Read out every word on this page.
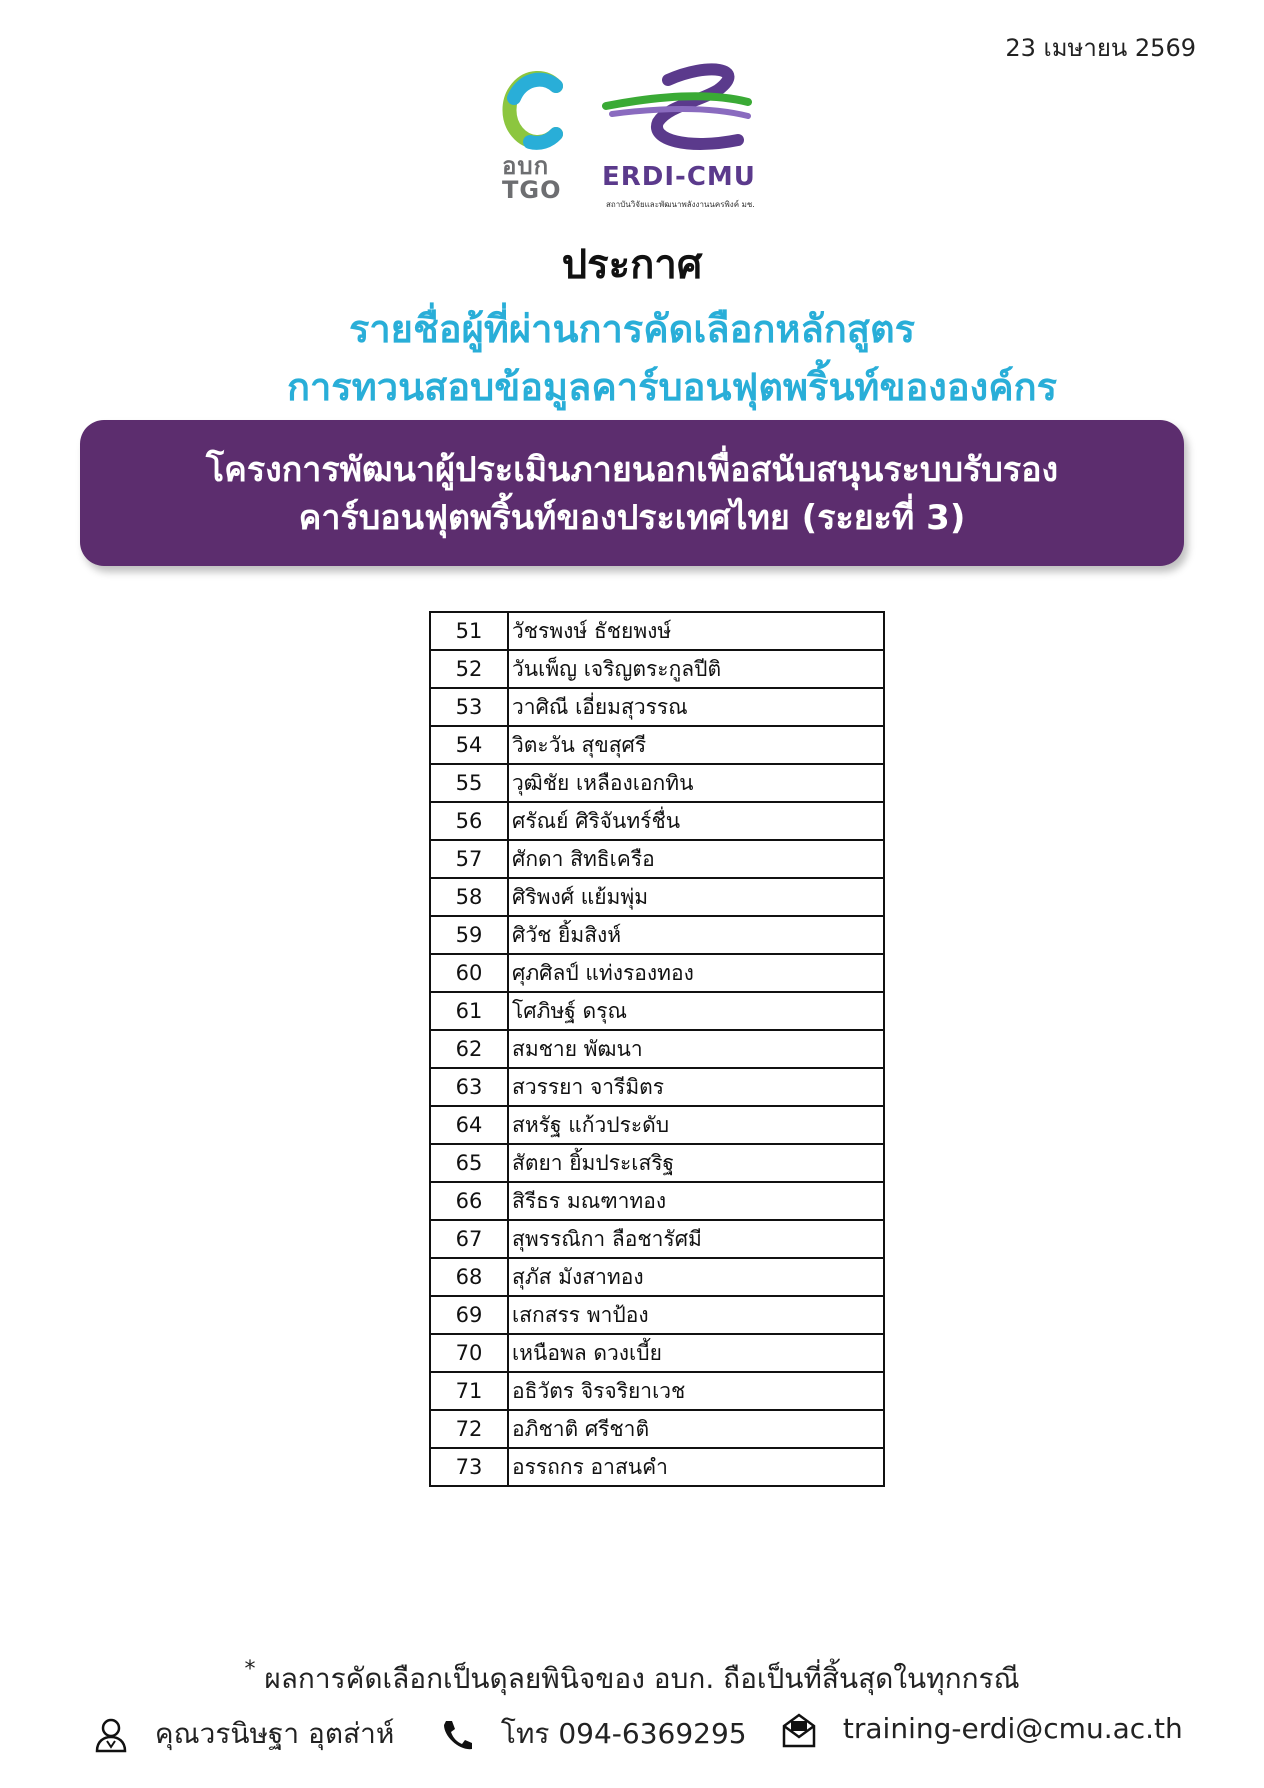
23 เมษายน 2569
อบก
TGO ERDI-CMU
สถาบันวิจัยและพัฒนาพลังงานนครพิงค์ มช.
ประกาศ
รายชื่อผู้ที่ผ่านการคัดเลือกหลักสูตร
การทวนสอบข้อมูลคาร์บอนฟุตพริ้นท์ขององค์กร
โครงการพัฒนาผู้ประเมินภายนอกเพื่อสนับสนุนระบบรับรอง
คาร์บอนฟุตพริ้นท์ของประเทศไทย (ระยะที่ 3)
51	วัชรพงษ์ ธัชยพงษ์
52	วันเพ็ญ เจริญตระกูลปีติ
53	วาศิณี เอี่ยมสุวรรณ
54	วิตะวัน สุขสุศรี
55	วุฒิชัย เหลืองเอกทิน
56	ศรัณย์ ศิริจันทร์ชื่น
57	ศักดา สิทธิเครือ
58	ศิริพงศ์ แย้มพุ่ม
59	ศิวัช ยิ้มสิงห์
60	ศุภศิลป์ แท่งรองทอง
61	โศภิษฐ์ ดรุณ
62	สมชาย พัฒนา
63	สวรรยา จารีมิตร
64	สหรัฐ แก้วประดับ
65	สัตยา ยิ้มประเสริฐ
66	สิรีธร มณฑาทอง
67	สุพรรณิกา ลือชารัศมี
68	สุภัส มังสาทอง
69	เสกสรร พาป้อง
70	เหนือพล ดวงเบี้ย
71	อธิวัตร จิรจริยาเวช
72	อภิชาติ ศรีชาติ
73	อรรถกร อาสนคำ
* ผลการคัดเลือกเป็นดุลยพินิจของ อบก. ถือเป็นที่สิ้นสุดในทุกกรณี
คุณวรนิษฐา อุตส่าห์	โทร 094-6369295	training-erdi@cmu.ac.th
